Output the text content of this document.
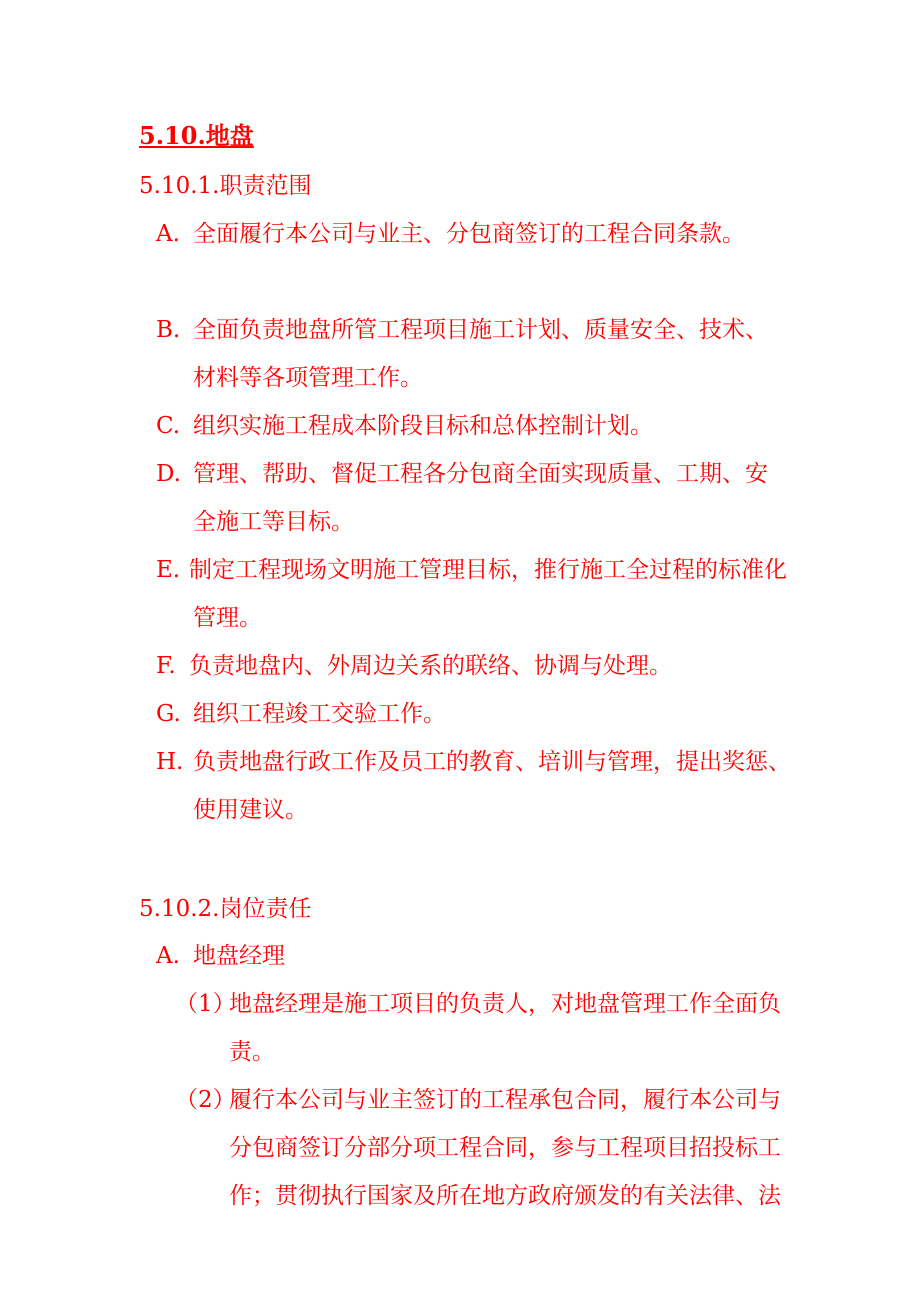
5.10.地盘
5.10.1.职责范围
A. 全面履行本公司与业主、分包商签订的工程合同条款。
B. 全面负责地盘所管工程项目施工计划、质量安全、技术、
材料等各项管理工作。
C. 组织实施工程成本阶段目标和总体控制计划。
D. 管理、帮助、督促工程各分包商全面实现质量、工期、安
全施工等目标。
E. 制定工程现场文明施工管理目标，推行施工全过程的标准化
管理。
F. 负责地盘内、外周边关系的联络、协调与处理。
G. 组织工程竣工交验工作。
H. 负责地盘行政工作及员工的教育、培训与管理，提出奖惩、
使用建议。
5.10.2.岗位责任
A. 地盘经理
（1）
地盘经理是施工项目的负责人，对地盘管理工作全面负
责。
（2）
履行本公司与业主签订的工程承包合同，履行本公司与
分包商签订分部分项工程合同，参与工程项目招投标工
作；贯彻执行国家及所在地方政府颁发的有关法律、法
